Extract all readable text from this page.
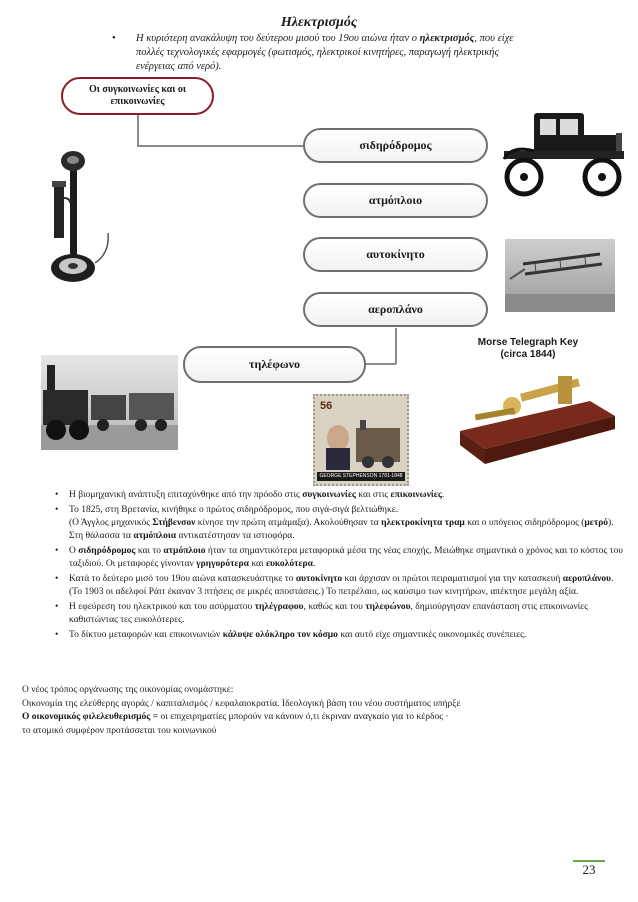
Ηλεκτρισμός
• Η κυριότερη ανακάλυψη του δεύτερου μισού του 19ου αιώνα ήταν ο ηλεκτρισμός, που είχε πολλές τεχνολογικές εφαρμογές (φωτισμός, ηλεκτρικοί κινητήρες, παραγωγή ηλεκτρικής ενέργειας από νερό).
Οι συγκοινωνίες και οι επικοινωνίες
σιδηρόδρομος
ατμόπλοιο
αυτοκίνητο
αεροπλάνο
τηλέφωνο
Morse Telegraph Key
(circa 1844)
56
GEORGE STEPHENSON 1781-1848
• Η βιομηχανική ανάπτυξη επιταχύνθηκε από την πρόοδο στις συγκοινωνίες και στις επικοινωνίες.
• Το 1825, στη Βρετανία, κινήθηκε ο πρώτος σιδηρόδρομος, που σιγά-σιγά βελτιώθηκε.
(Ο Άγγλος μηχανικός Στήβενσον κίνησε την πρώτη ατμάμαξα). Ακολούθησαν τα ηλεκτροκίνητα τραμ και ο υπόγειος σιδηρόδρομος (μετρό). Στη θάλασσα τα ατμόπλοια αντικατέστησαν τα ιστιοφόρα.
• Ο σιδηρόδρομος και το ατμόπλοιο ήταν τα σημαντικότερα μεταφορικά μέσα της νέας εποχής. Μειώθηκε σημαντικά ο χρόνος και το κόστος του ταξιδιού. Οι μεταφορές γίνονταν γρηγορότερα και ευκολότερα.
• Κατά το δεύτερο μισό του 19ου αιώνα κατασκευάστηκε το αυτοκίνητο και άρχισαν οι πρώτοι πειραματισμοί για την κατασκευή αεροπλάνου. (Το 1903 οι αδελφοί Ράιτ έκαναν 3 πτήσεις σε μικρές αποστάσεις.) Το πετρέλαιο, ως καύσιμο των κινητήρων, απέκτησε μεγάλη αξία.
• Η εφεύρεση του ηλεκτρικού και του ασύρματου τηλέγραφου, καθώς και του τηλεφώνου, δημιούργησαν επανάσταση στις επικοινωνίες καθιστώντας τες ευκολότερες.
• Το δίκτυο μεταφορών και επικοινωνιών κάλυψε ολόκληρο τον κόσμο και αυτό είχε σημαντικές οικονομικές συνέπειες.
Ο νέος τρόπος οργάνωσης της οικονομίας ονομάστηκε:
Οικονομία της ελεύθερης αγοράς / καπιταλισμός / κεφαλαιοκρατία. Ιδεολογική βάση του νέου συστήματος υπήρξε
Ο οικονομικός φιλελευθερισμός = οι επιχειρηματίες μπορούν να κάνουν ό,τι έκριναν αναγκαίο για το κέρδος ·
το ατομικό συμφέρον προτάσσεται του κοινωνικού
23
